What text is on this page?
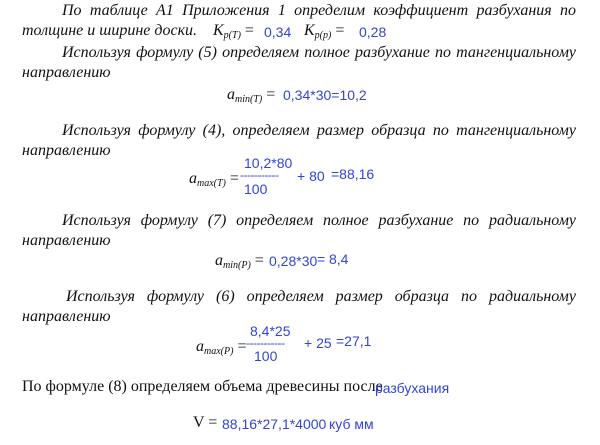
По таблице А1 Приложения 1 определим коэффициент разбухания по
толщине и ширине доски. $K_{р(Т)} = 0,34$ $K_{р(р)} = 0,28$
Используя формулу (5) определяем полное разбухание по тангенциальному
направлению
$a_{min(Т)} = 0,34*30=10,2$
Используя формулу (4), определяем размер образца по тангенциальному
направлению
10,2*80
$a_{max(Т)}$ = ----------- + 80 =88,16
100
Используя формулу (7) определяем полное разбухание по радиальному
направлению
$a_{min(Р)} = 0,28*30 = 8,4$
Используя формулу (6) определяем размер образца по радиальному
направлению
8,4*25
$a_{max(Р)}$ = ----------- + 25 =27,1
100
По формуле (8) определяем объема древесины после
разбухания
V = 88,16*27,1*4000 куб мм
